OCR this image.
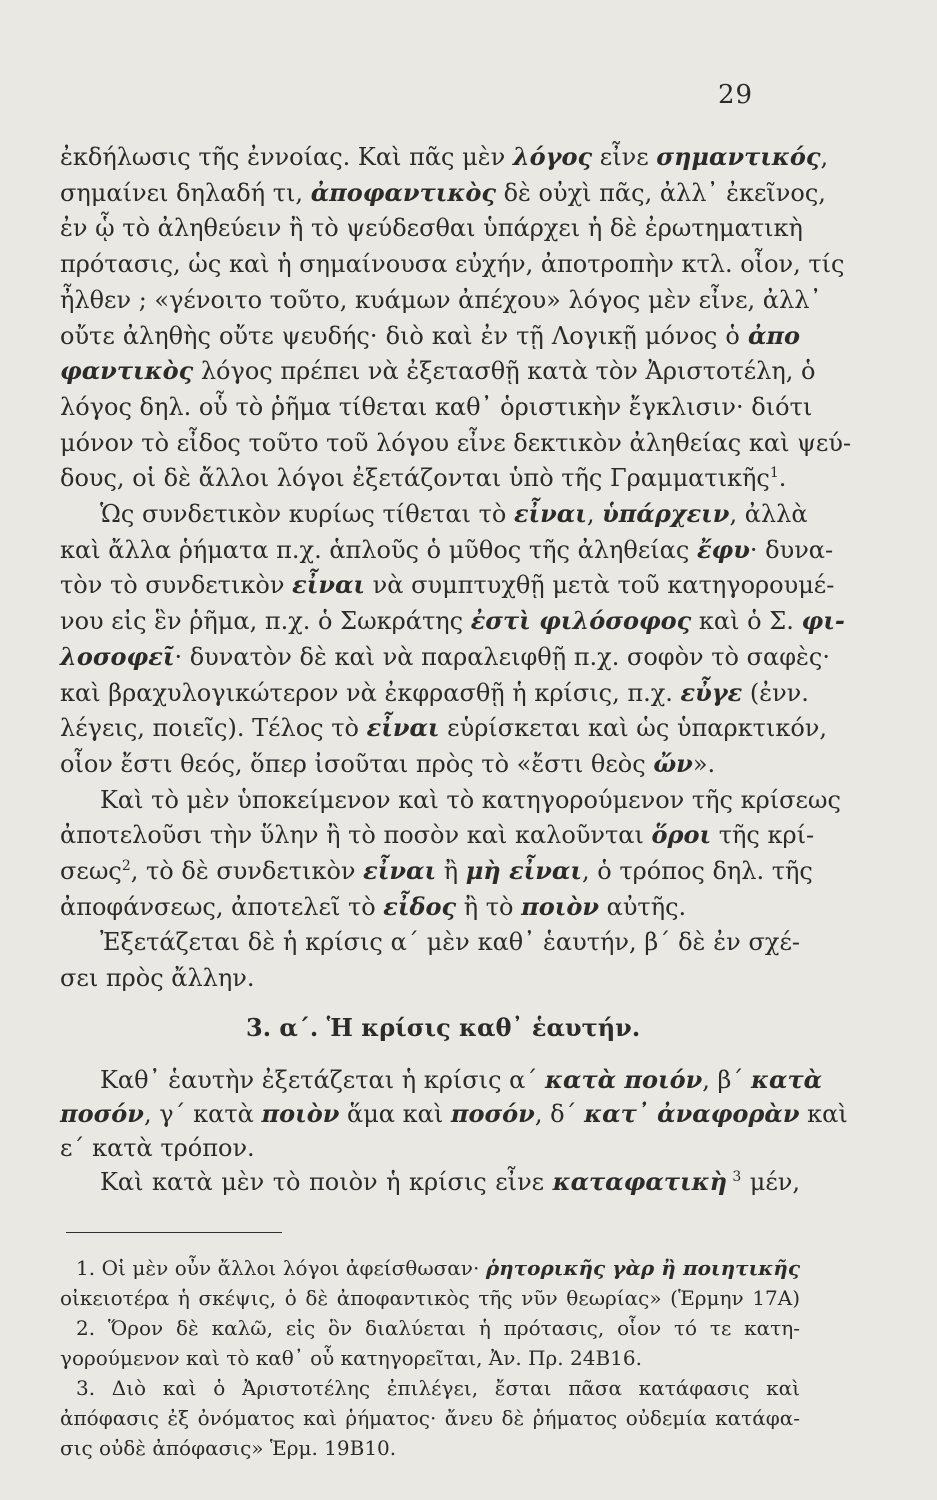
29
ἐκδήλωσις τῆς ἐννοίας. Καὶ πᾶς μὲν λόγος εἶνε σημαντικός,
σημαίνει δηλαδή τι, ἀποφαντικὸς δὲ οὐχὶ πᾶς, ἀλλ᾽ ἐκεῖνος,
ἐν ᾧ τὸ ἀληθεύειν ἢ τὸ ψεύδεσθαι ὑπάρχει ἡ δὲ ἐρωτηματικὴ
πρότασις, ὡς καὶ ἡ σημαίνουσα εὐχήν, ἀποτροπὴν κτλ. οἷον, τίς
ἦλθεν ; «γένοιτο τοῦτο, κυάμων ἀπέχου» λόγος μὲν εἶνε, ἀλλ᾽
οὔτε ἀληθὴς οὔτε ψευδής· διὸ καὶ ἐν τῇ Λογικῇ μόνος ὁ ἀπο
φαντικὸς λόγος πρέπει νὰ ἐξετασθῇ κατὰ τὸν Ἀριστοτέλη, ὁ
λόγος δηλ. οὗ τὸ ῥῆμα τίθεται καθ᾽ ὁριστικὴν ἔγκλισιν· διότι
μόνον τὸ εἶδος τοῦτο τοῦ λόγου εἶνε δεκτικὸν ἀληθείας καὶ ψεύ-
δους, οἱ δὲ ἄλλοι λόγοι ἐξετάζονται ὑπὸ τῆς Γραμματικῆς$^1$.
Ὡς συνδετικὸν κυρίως τίθεται τὸ εἶναι, ὑπάρχειν, ἀλλὰ
καὶ ἄλλα ῥήματα π.χ. ἁπλοῦς ὁ μῦθος τῆς ἀληθείας ἔφυ· δυνα-
τὸν τὸ συνδετικὸν εἶναι νὰ συμπτυχθῇ μετὰ τοῦ κατηγορουμέ-
νου εἰς ἓν ῥῆμα, π.χ. ὁ Σωκράτης ἐστὶ φιλόσοφος καὶ ὁ Σ. φι-
λοσοφεῖ· δυνατὸν δὲ καὶ νὰ παραλειφθῇ π.χ. σοφὸν τὸ σαφὲς·
καὶ βραχυλογικώτερον νὰ ἐκφρασθῇ ἡ κρίσις, π.χ. εὖγε (ἐνν.
λέγεις, ποιεῖς). Τέλος τὸ εἶναι εὑρίσκεται καὶ ὡς ὑπαρκτικόν,
οἷον ἔστι θεός, ὅπερ ἰσοῦται πρὸς τὸ «ἔστι θεὸς ὤν».
Καὶ τὸ μὲν ὑποκείμενον καὶ τὸ κατηγορούμενον τῆς κρίσεως
ἀποτελοῦσι τὴν ὕλην ἢ τὸ ποσὸν καὶ καλοῦνται ὅροι τῆς κρί-
σεως$^2$, τὸ δὲ συνδετικὸν εἶναι ἢ μὴ εἶναι, ὁ τρόπος δηλ. τῆς
ἀποφάνσεως, ἀποτελεῖ τὸ εἶδος ἢ τὸ ποιὸν αὐτῆς.
Ἐξετάζεται δὲ ἡ κρίσις α´ μὲν καθ᾽ ἑαυτήν, β´ δὲ ἐν σχέ-
σει πρὸς ἄλλην.
3. α´. Ἡ κρίσις καθ᾽ ἑαυτήν.
Καθ᾽ ἑαυτὴν ἐξετάζεται ἡ κρίσις α´ κατὰ ποιόν, β´ κατὰ
ποσόν, γ´ κατὰ ποιὸν ἅμα καὶ ποσόν, δ´ κατ᾽ ἀναφορὰν καὶ
ε´ κατὰ τρόπον.
Καὶ κατὰ μὲν τὸ ποιὸν ἡ κρίσις εἶνε καταφατικὴ $^3$ μέν,
1. Οἱ μὲν οὖν ἄλλοι λόγοι ἀφείσθωσαν· ῥητορικῆς γὰρ ἢ ποιητικῆς
οἰκειοτέρα ἡ σκέψις, ὁ δὲ ἀποφαντικὸς τῆς νῦν θεωρίας» (Ἑρμην 17Α)
2. Ὅρον δὲ καλῶ, εἰς ὃν διαλύεται ἡ πρότασις, οἷον τό τε κατη-
γορούμενον καὶ τὸ καθ᾽ οὗ κατηγορεῖται, Ἀν. Πρ. 24Β16.
3. Διὸ καὶ ὁ Ἀριστοτέλης ἐπιλέγει, ἔσται πᾶσα κατάφασις καὶ
ἀπόφασις ἐξ ὀνόματος καὶ ῥήματος· ἄνευ δὲ ῥήματος οὐδεμία κατάφα-
σις οὐδὲ ἀπόφασις» Ἑρμ. 19Β10.
